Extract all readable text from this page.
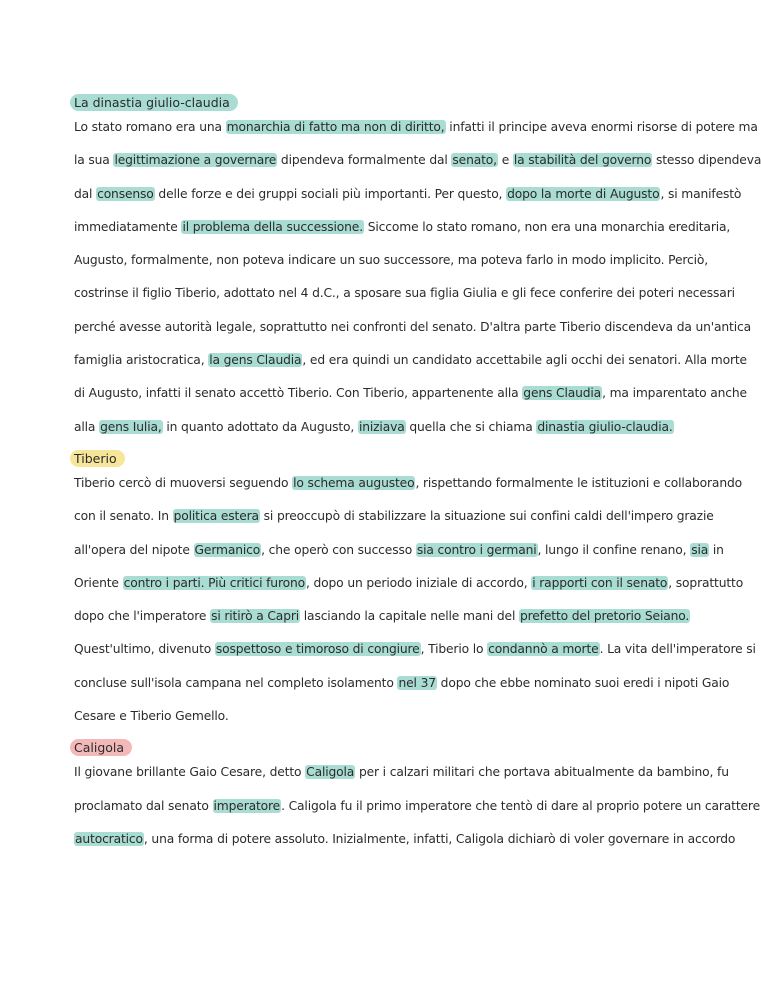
La dinastia giulio-claudia

Lo stato romano era una monarchia di fatto ma non di diritto, infatti il principe aveva enormi risorse di potere ma
la sua legittimazione a governare dipendeva formalmente dal senato, e la stabilità del governo stesso dipendeva
dal consenso delle forze e dei gruppi sociali più importanti. Per questo, dopo la morte di Augusto, si manifestò
immediatamente il problema della successione. Siccome lo stato romano, non era una monarchia ereditaria,
Augusto, formalmente, non poteva indicare un suo successore, ma poteva farlo in modo implicito. Perciò,
costrinse il figlio Tiberio, adottato nel 4 d.C., a sposare sua figlia Giulia e gli fece conferire dei poteri necessari
perché avesse autorità legale, soprattutto nei confronti del senato. D'altra parte Tiberio discendeva da un'antica
famiglia aristocratica, la gens Claudia, ed era quindi un candidato accettabile agli occhi dei senatori. Alla morte
di Augusto, infatti il senato accettò Tiberio. Con Tiberio, appartenente alla gens Claudia, ma imparentato anche
alla gens Iulia, in quanto adottato da Augusto, iniziava quella che si chiama dinastia giulio-claudia.

Tiberio

Tiberio cercò di muoversi seguendo lo schema augusteo, rispettando formalmente le istituzioni e collaborando
con il senato. In politica estera si preoccupò di stabilizzare la situazione sui confini caldi dell'impero grazie
all'opera del nipote Germanico, che operò con successo sia contro i germani, lungo il confine renano, sia in
Oriente contro i parti. Più critici furono, dopo un periodo iniziale di accordo, i rapporti con il senato, soprattutto
dopo che l'imperatore si ritirò a Capri lasciando la capitale nelle mani del prefetto del pretorio Seiano.
Quest'ultimo, divenuto sospettoso e timoroso di congiure, Tiberio lo condannò a morte. La vita dell'imperatore si
concluse sull'isola campana nel completo isolamento nel 37 dopo che ebbe nominato suoi eredi i nipoti Gaio
Cesare e Tiberio Gemello.

Caligola

Il giovane brillante Gaio Cesare, detto Caligola per i calzari militari che portava abitualmente da bambino, fu
proclamato dal senato imperatore. Caligola fu il primo imperatore che tentò di dare al proprio potere un carattere
autocratico, una forma di potere assoluto. Inizialmente, infatti, Caligola dichiarò di voler governare in accordo
